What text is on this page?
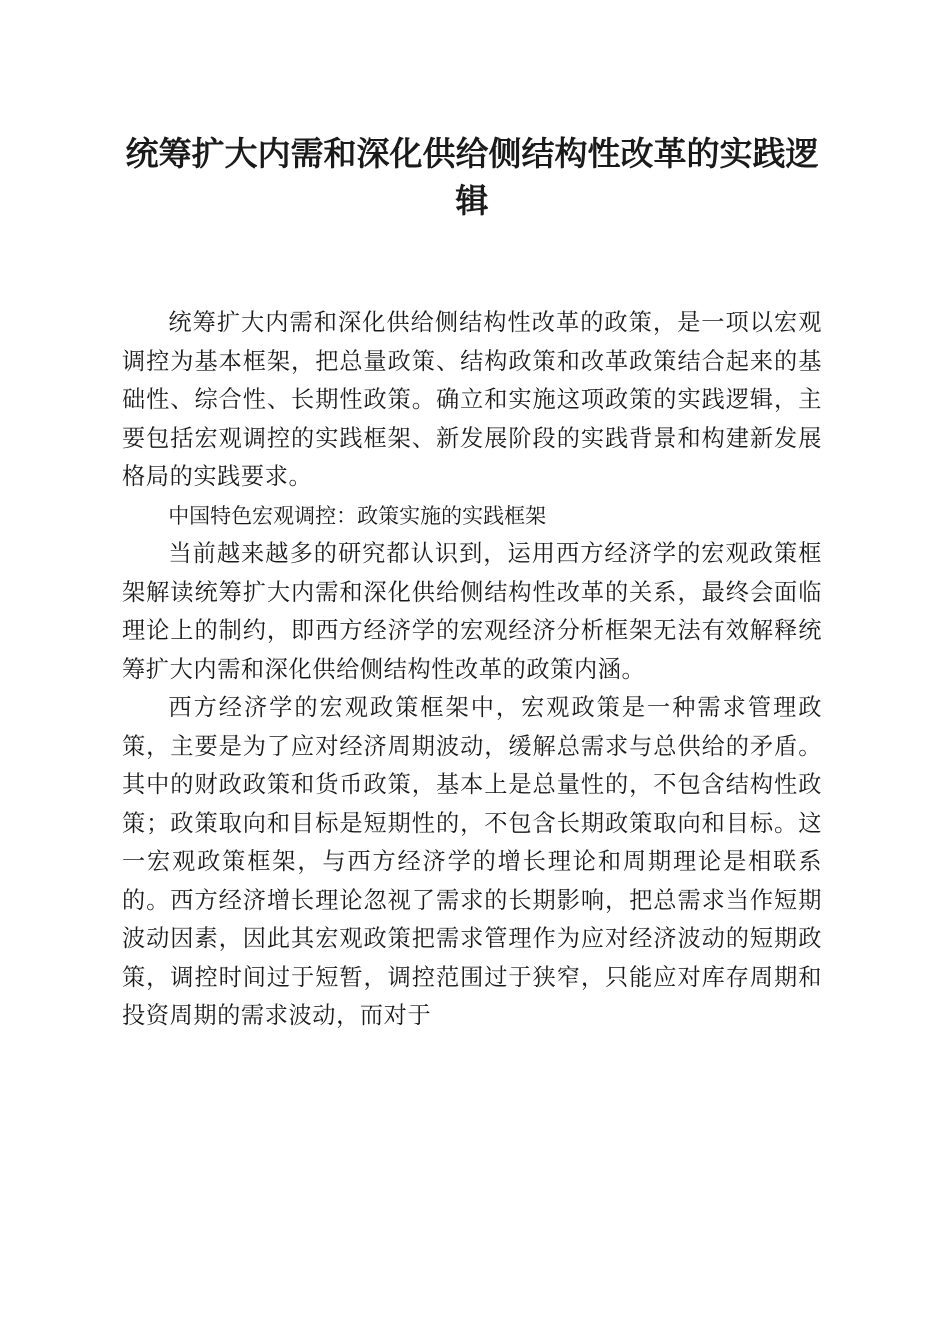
统筹扩大内需和深化供给侧结构性改革的实践逻辑

统筹扩大内需和深化供给侧结构性改革的政策，是一项以宏观调控为基本框架，把总量政策、结构政策和改革政策结合起来的基础性、综合性、长期性政策。确立和实施这项政策的实践逻辑，主要包括宏观调控的实践框架、新发展阶段的实践背景和构建新发展格局的实践要求。

中国特色宏观调控：政策实施的实践框架

当前越来越多的研究都认识到，运用西方经济学的宏观政策框架解读统筹扩大内需和深化供给侧结构性改革的关系，最终会面临理论上的制约，即西方经济学的宏观经济分析框架无法有效解释统筹扩大内需和深化供给侧结构性改革的政策内涵。

西方经济学的宏观政策框架中，宏观政策是一种需求管理政策，主要是为了应对经济周期波动，缓解总需求与总供给的矛盾。其中的财政政策和货币政策，基本上是总量性的，不包含结构性政策；政策取向和目标是短期性的，不包含长期政策取向和目标。这一宏观政策框架，与西方经济学的增长理论和周期理论是相联系的。西方经济增长理论忽视了需求的长期影响，把总需求当作短期波动因素，因此其宏观政策把需求管理作为应对经济波动的短期政策，调控时间过于短暂，调控范围过于狭窄，只能应对库存周期和投资周期的需求波动，而对于
